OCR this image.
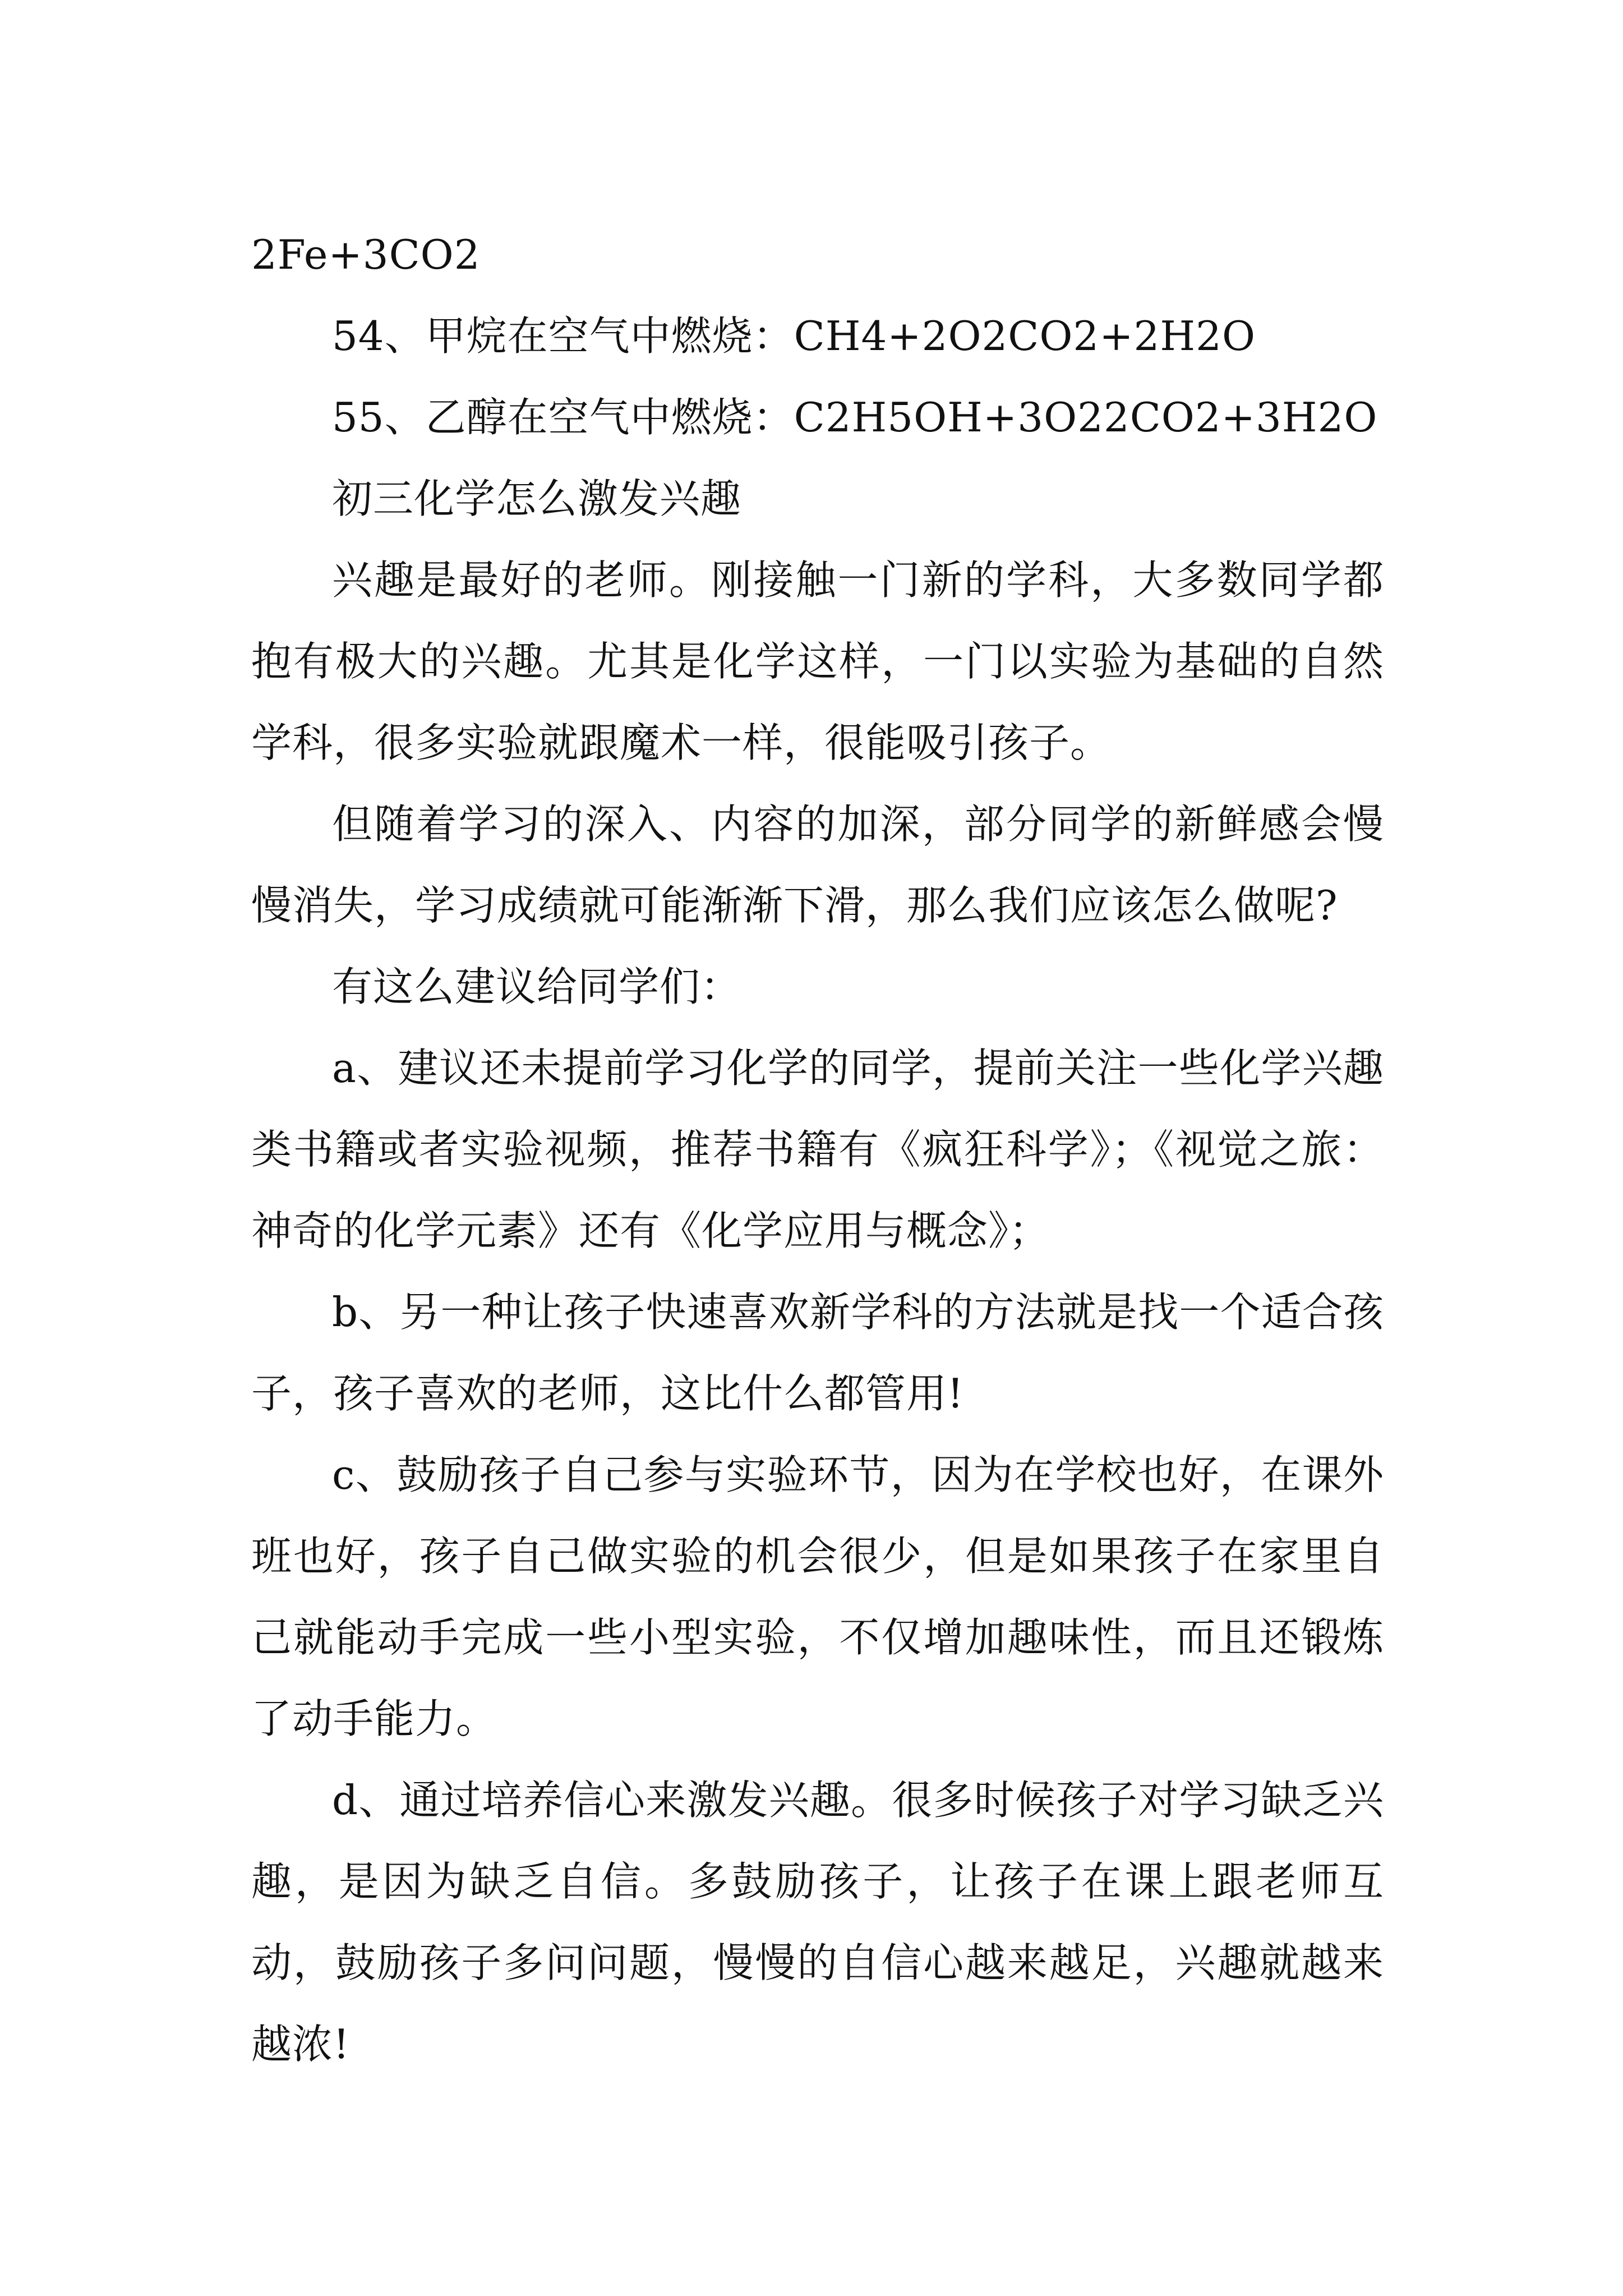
2Fe+3CO2

54、甲烷在空气中燃烧：CH4+2O2CO2+2H2O

55、乙醇在空气中燃烧：C2H5OH+3O22CO2+3H2O

初三化学怎么激发兴趣

兴趣是最好的老师。刚接触一门新的学科，大多数同学都抱有极大的兴趣。尤其是化学这样，一门以实验为基础的自然学科，很多实验就跟魔术一样，很能吸引孩子。

但随着学习的深入、内容的加深，部分同学的新鲜感会慢慢消失，学习成绩就可能渐渐下滑，那么我们应该怎么做呢?

有这么建议给同学们：

a、建议还未提前学习化学的同学，提前关注一些化学兴趣类书籍或者实验视频，推荐书籍有《疯狂科学》；《视觉之旅：神奇的化学元素》还有《化学应用与概念》；

b、另一种让孩子快速喜欢新学科的方法就是找一个适合孩子，孩子喜欢的老师，这比什么都管用!

c、鼓励孩子自己参与实验环节，因为在学校也好，在课外班也好，孩子自己做实验的机会很少，但是如果孩子在家里自己就能动手完成一些小型实验，不仅增加趣味性，而且还锻炼了动手能力。

d、通过培养信心来激发兴趣。很多时候孩子对学习缺乏兴趣，是因为缺乏自信。多鼓励孩子，让孩子在课上跟老师互动，鼓励孩子多问问题，慢慢的自信心越来越足，兴趣就越来越浓!
